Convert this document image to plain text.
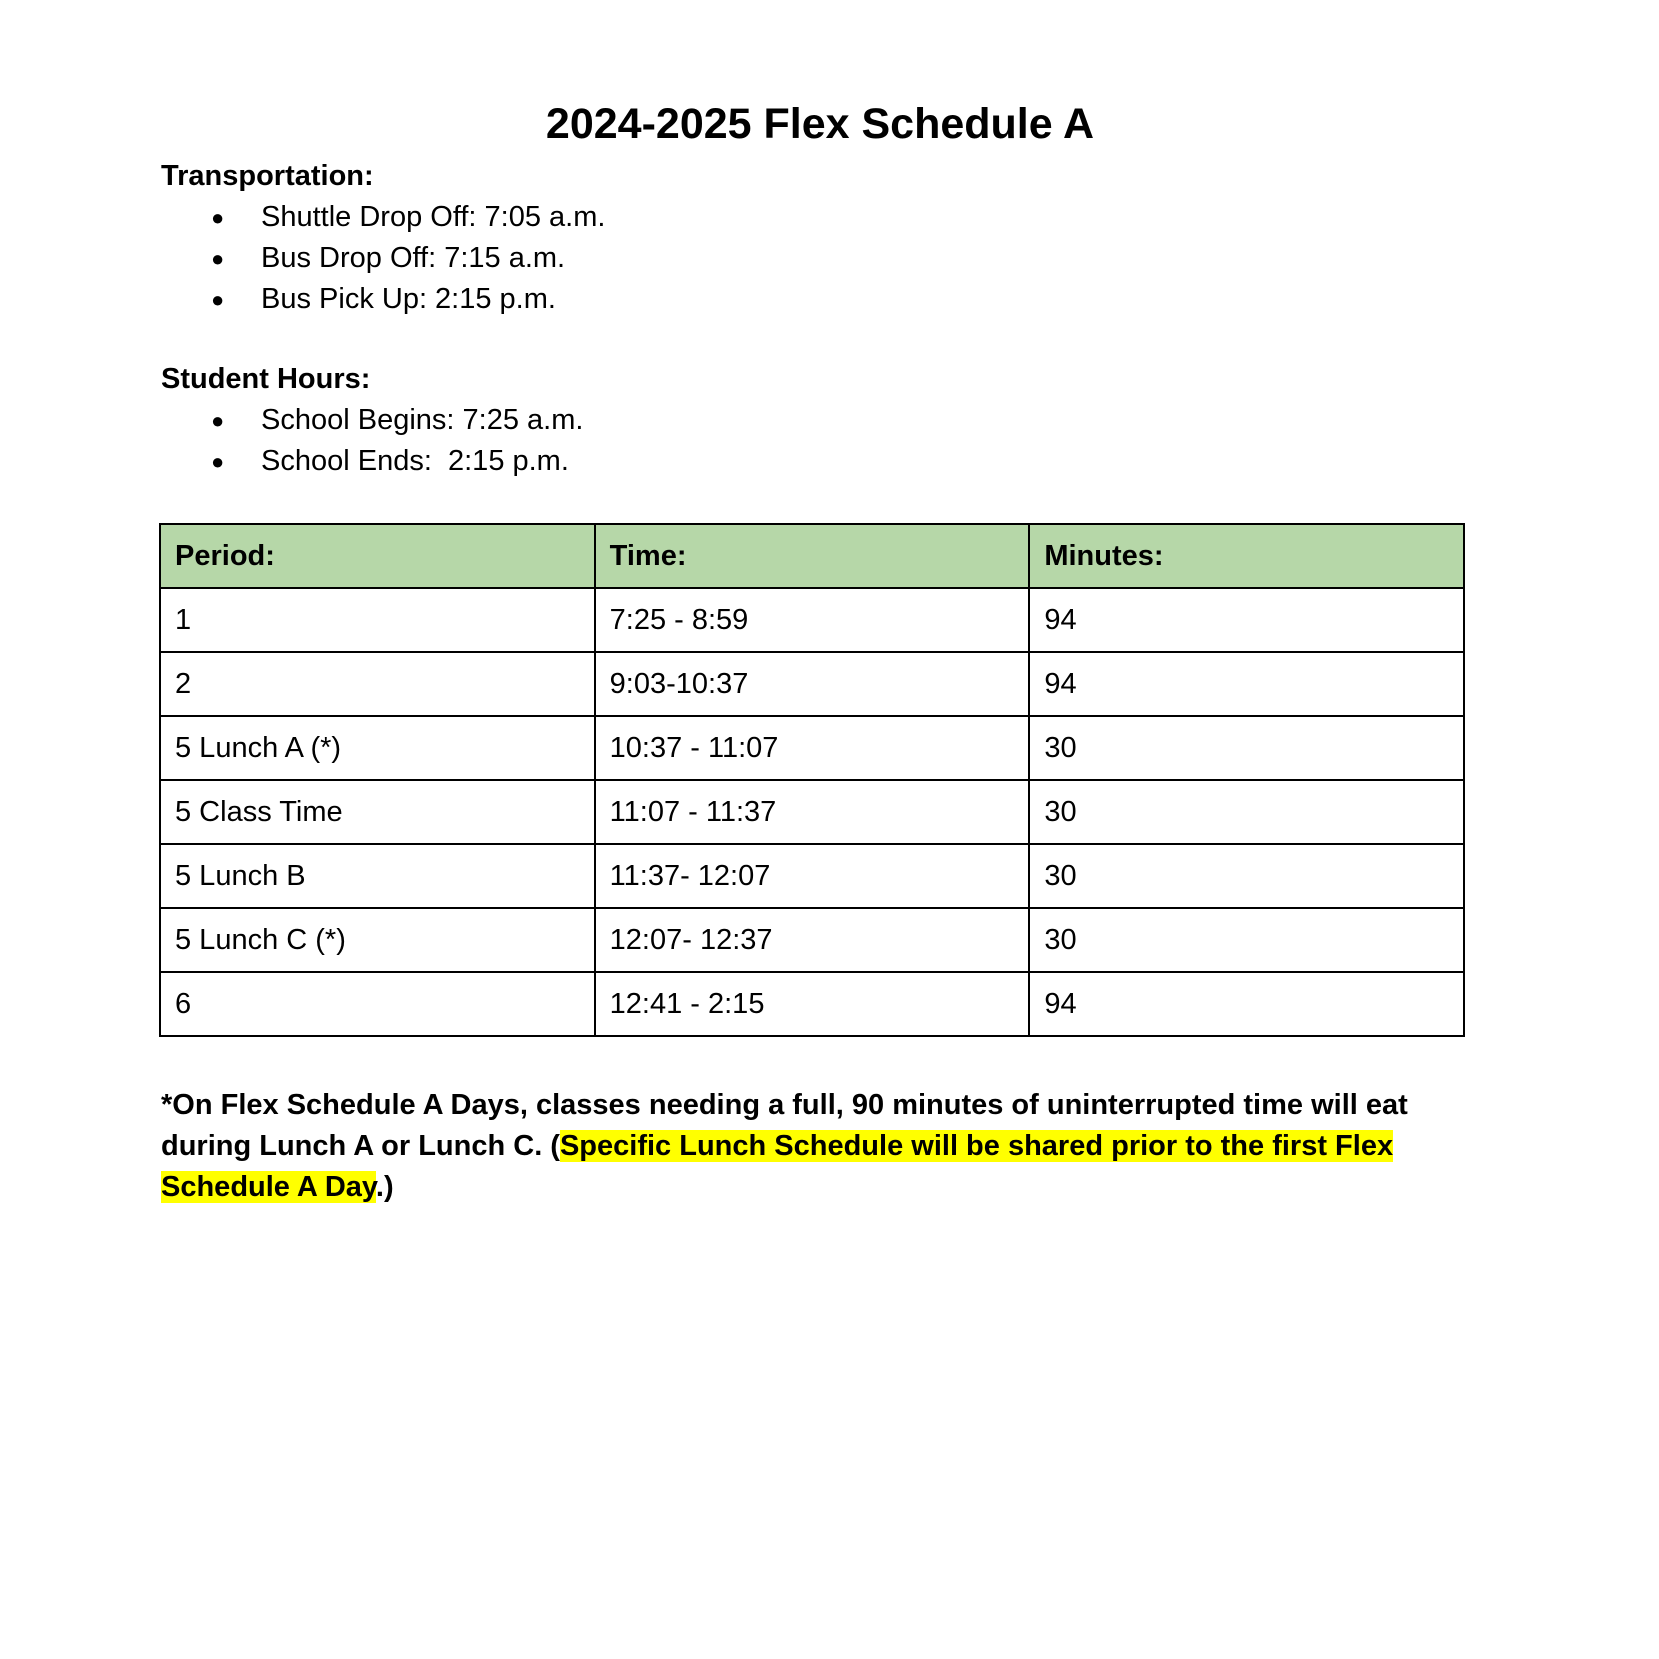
2024-2025 Flex Schedule A

Transportation:

● Shuttle Drop Off: 7:05 a.m.
● Bus Drop Off: 7:15 a.m.
● Bus Pick Up: 2:15 p.m.

Student Hours:

● School Begins: 7:25 a.m.
● School Ends:  2:15 p.m.
Period:	Time:	Minutes:
1	7:25 - 8:59	94
2	9:03-10:37	94
5 Lunch A (*)	10:37 - 11:07	30
5 Class Time	11:07 - 11:37	30
5 Lunch B	11:37- 12:07	30
5 Lunch C (*)	12:07- 12:37	30
6	12:41 - 2:15	94

*On Flex Schedule A Days, classes needing a full, 90 minutes of uninterrupted time will eat during Lunch A or Lunch C. (Specific Lunch Schedule will be shared prior to the first Flex Schedule A Day.)
